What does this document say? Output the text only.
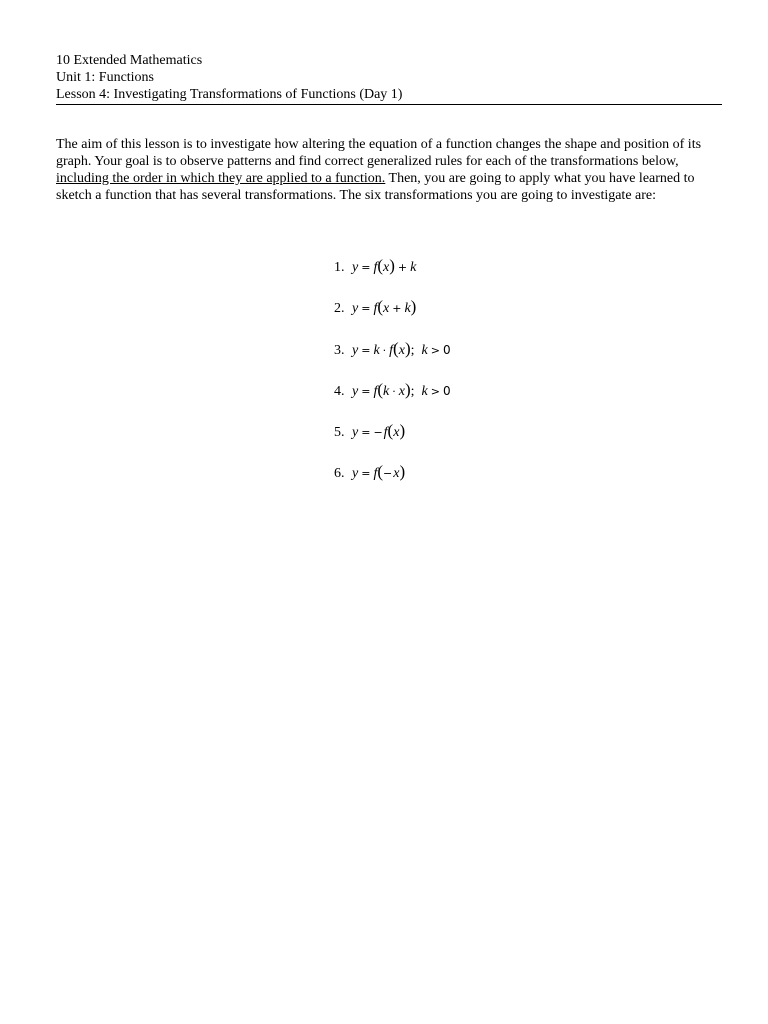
10 Extended Mathematics
Unit 1: Functions
Lesson 4: Investigating Transformations of Functions (Day 1)

The aim of this lesson is to investigate how altering the equation of a function changes the shape and position of its graph. Your goal is to observe patterns and find correct generalized rules for each of the transformations below, including the order in which they are applied to a function. Then, you are going to apply what you have learned to sketch a function that has several transformations. The six transformations you are going to investigate are:

1. y = f(x) + k
2. y = f(x + k)
3. y = k · f(x);  k > 0
4. y = f(k · x);  k > 0
5. y = −f(x)
6. y = f(−x)
